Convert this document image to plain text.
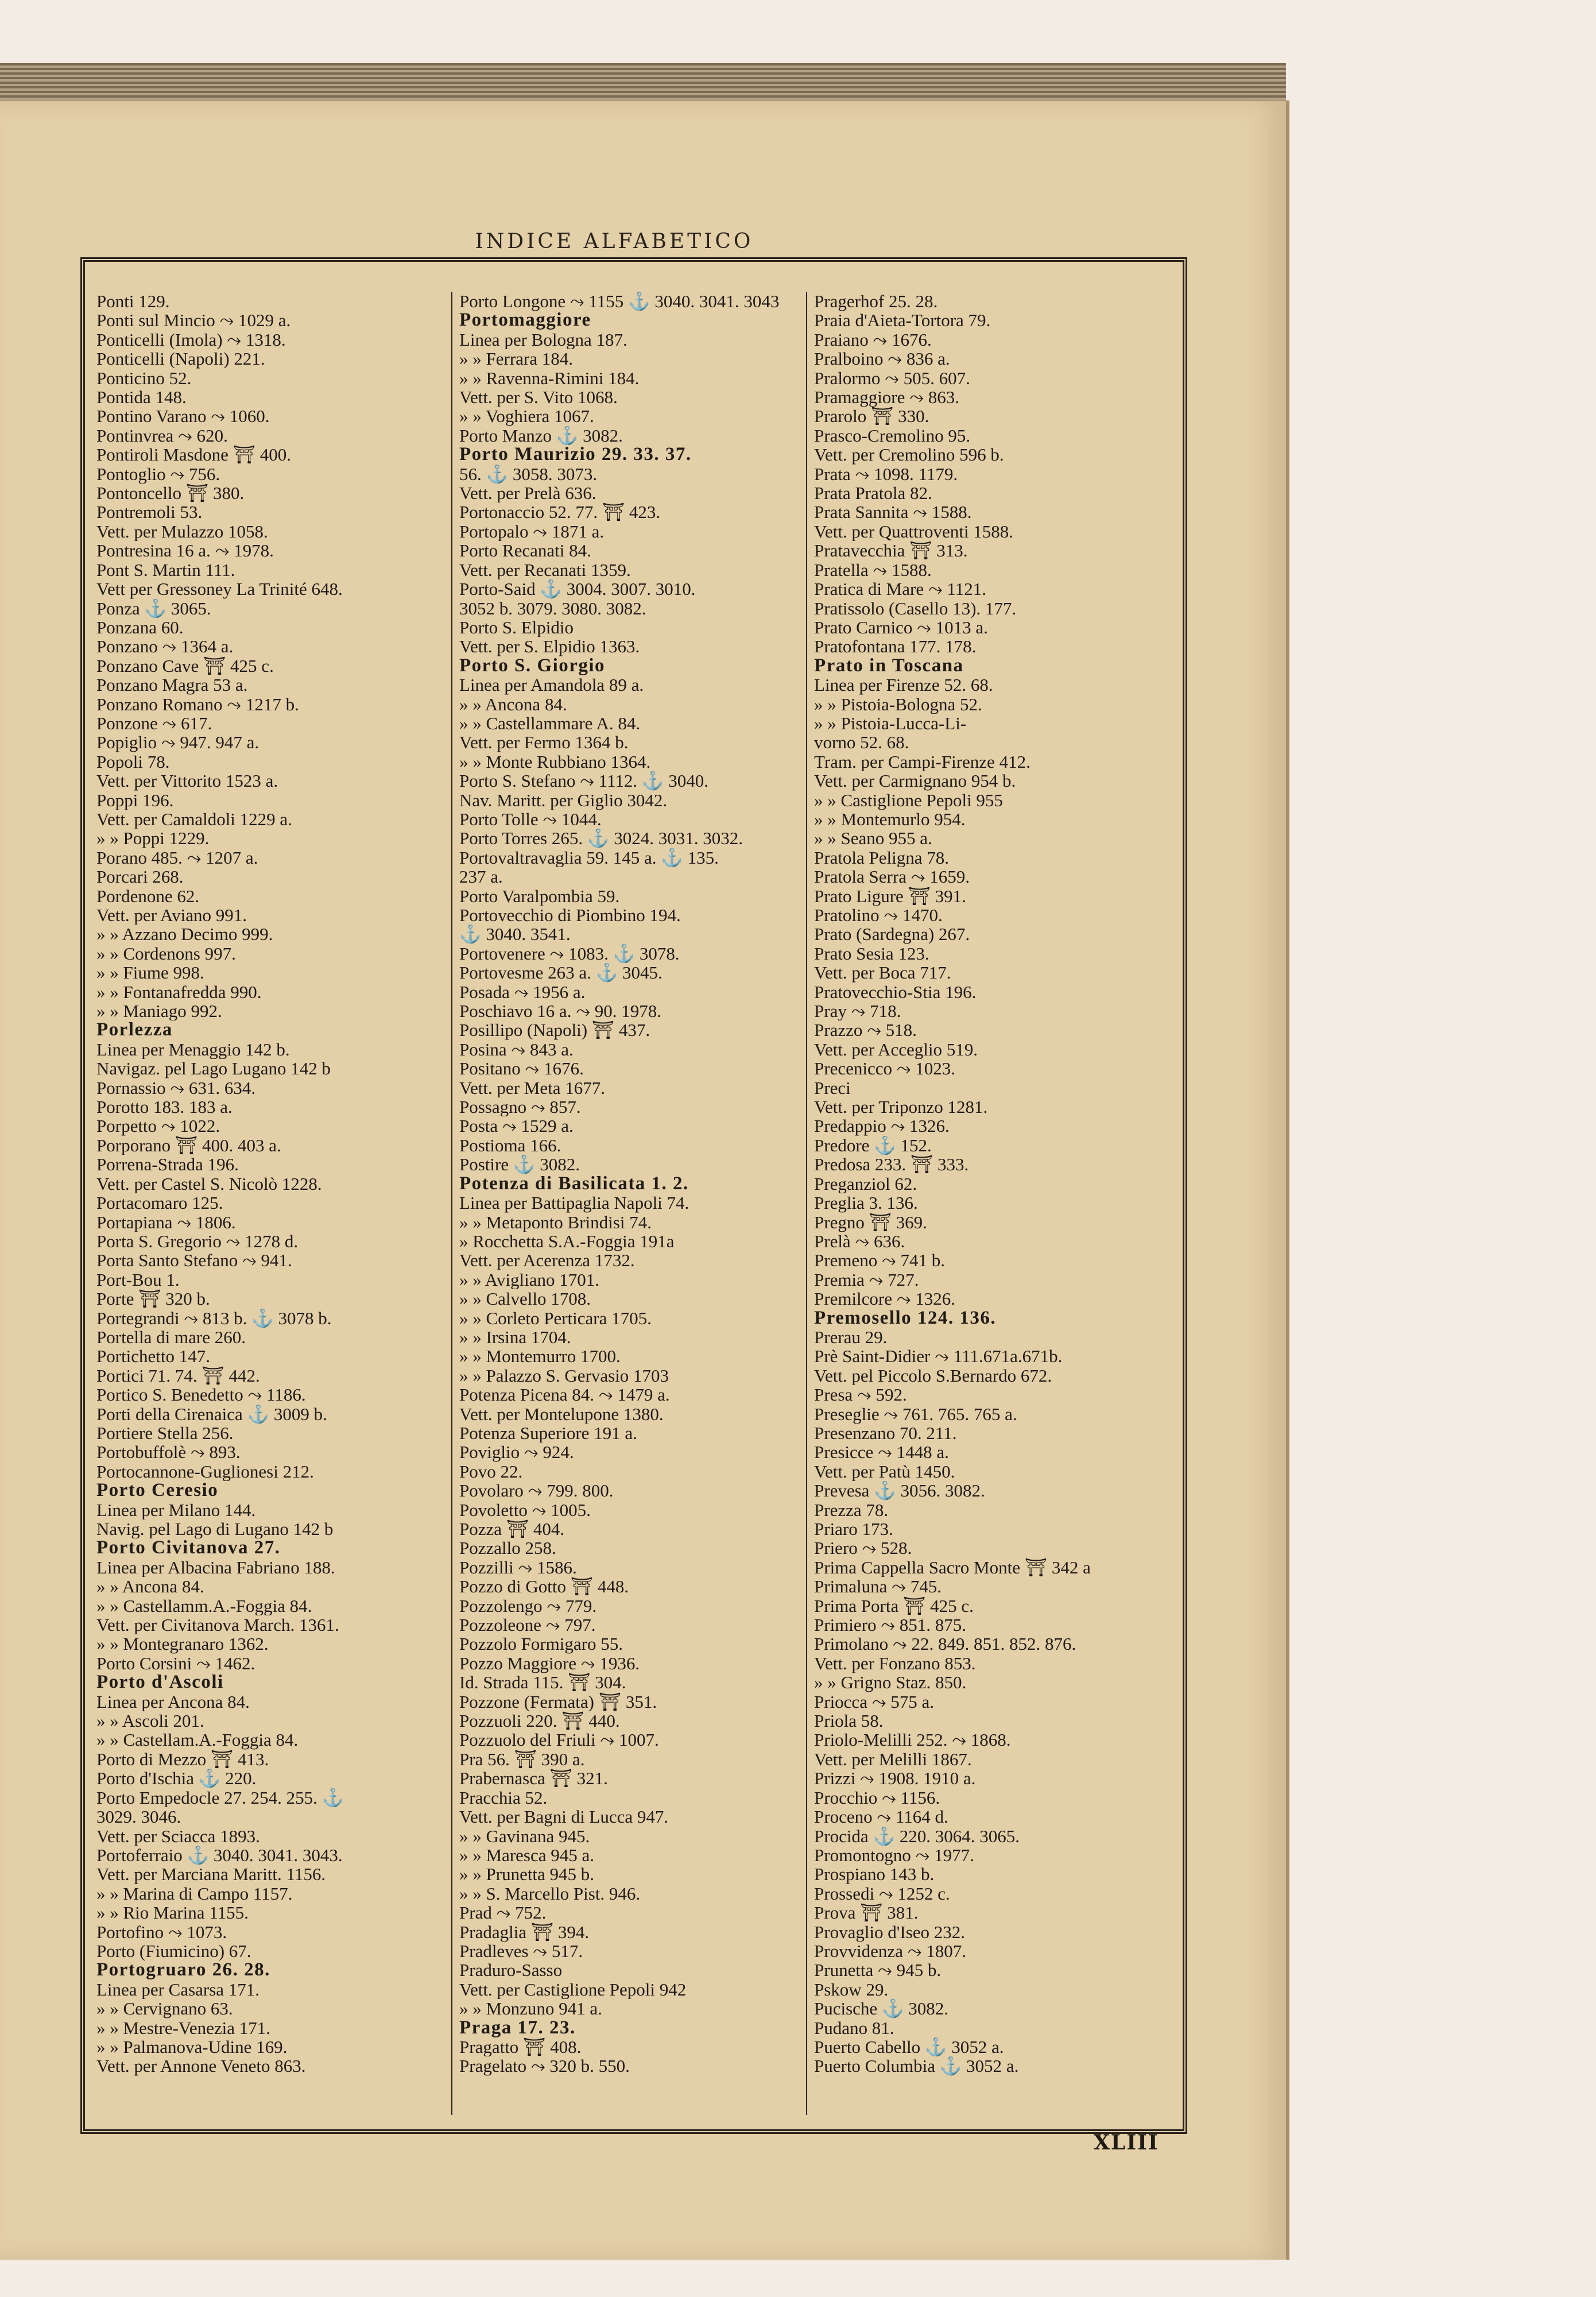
INDICE ALFABETICO
Ponti 129.
Ponti sul Mincio ⤳ 1029 a.
Ponticelli (Imola) ⤳ 1318.
Ponticelli (Napoli) 221.
Ponticino 52.
Pontida 148.
Pontino Varano ⤳ 1060.
Pontinvrea ⤳ 620.
Pontiroli Masdone ⛩ 400.
Pontoglio ⤳ 756.
Pontoncello ⛩ 380.
Pontremoli 53.
Vett. per Mulazzo 1058.
Pontresina 16 a. ⤳ 1978.
Pont S. Martin 111.
Vett per Gressoney La Trinité 648.
Ponza ⚓ 3065.
Ponzana 60.
Ponzano ⤳ 1364 a.
Ponzano Cave ⛩ 425 c.
Ponzano Magra 53 a.
Ponzano Romano ⤳ 1217 b.
Ponzone ⤳ 617.
Popiglio ⤳ 947. 947 a.
Popoli 78.
Vett. per Vittorito 1523 a.
Poppi 196.
Vett. per Camaldoli 1229 a.
» » Poppi 1229.
Porano 485. ⤳ 1207 a.
Porcari 268.
Pordenone 62.
Vett. per Aviano 991.
» » Azzano Decimo 999.
» » Cordenons 997.
» » Fiume 998.
» » Fontanafredda 990.
» » Maniago 992.
Porlezza
Linea per Menaggio 142 b.
Navigaz. pel Lago Lugano 142 b
Pornassio ⤳ 631. 634.
Porotto 183. 183 a.
Porpetto ⤳ 1022.
Porporano ⛩ 400. 403 a.
Porrena-Strada 196.
Vett. per Castel S. Nicolò 1228.
Portacomaro 125.
Portapiana ⤳ 1806.
Porta S. Gregorio ⤳ 1278 d.
Porta Santo Stefano ⤳ 941.
Port-Bou 1.
Porte ⛩ 320 b.
Portegrandi ⤳ 813 b. ⚓ 3078 b.
Portella di mare 260.
Portichetto 147.
Portici 71. 74. ⛩ 442.
Portico S. Benedetto ⤳ 1186.
Porti della Cirenaica ⚓ 3009 b.
Portiere Stella 256.
Portobuffolè ⤳ 893.
Portocannone-Guglionesi 212.
Porto Ceresio
Linea per Milano 144.
Navig. pel Lago di Lugano 142 b
Porto Civitanova 27.
Linea per Albacina Fabriano 188.
» » Ancona 84.
» » Castellamm.A.-Foggia 84.
Vett. per Civitanova March. 1361.
» » Montegranaro 1362.
Porto Corsini ⤳ 1462.
Porto d'Ascoli
Linea per Ancona 84.
» » Ascoli 201.
» » Castellam.A.-Foggia 84.
Porto di Mezzo ⛩ 413.
Porto d'Ischia ⚓ 220.
Porto Empedocle 27. 254. 255. ⚓
3029. 3046.
Vett. per Sciacca 1893.
Portoferraio ⚓ 3040. 3041. 3043.
Vett. per Marciana Maritt. 1156.
» » Marina di Campo 1157.
» » Rio Marina 1155.
Portofino ⤳ 1073.
Porto (Fiumicino) 67.
Portogruaro 26. 28.
Linea per Casarsa 171.
» » Cervignano 63.
» » Mestre-Venezia 171.
» » Palmanova-Udine 169.
Vett. per Annone Veneto 863.
Porto Longone ⤳ 1155 ⚓ 3040. 3041. 3043
Portomaggiore
Linea per Bologna 187.
» » Ferrara 184.
» » Ravenna-Rimini 184.
Vett. per S. Vito 1068.
» » Voghiera 1067.
Porto Manzo ⚓ 3082.
Porto Maurizio 29. 33. 37.
56. ⚓ 3058. 3073.
Vett. per Prelà 636.
Portonaccio 52. 77. ⛩ 423.
Portopalo ⤳ 1871 a.
Porto Recanati 84.
Vett. per Recanati 1359.
Porto-Said ⚓ 3004. 3007. 3010.
3052 b. 3079. 3080. 3082.
Porto S. Elpidio
Vett. per S. Elpidio 1363.
Porto S. Giorgio
Linea per Amandola 89 a.
» » Ancona 84.
» » Castellammare A. 84.
Vett. per Fermo 1364 b.
» » Monte Rubbiano 1364.
Porto S. Stefano ⤳ 1112. ⚓ 3040.
Nav. Maritt. per Giglio 3042.
Porto Tolle ⤳ 1044.
Porto Torres 265. ⚓ 3024. 3031. 3032.
Portovaltravaglia 59. 145 a. ⚓ 135.
237 a.
Porto Varalpombia 59.
Portovecchio di Piombino 194.
⚓ 3040. 3541.
Portovenere ⤳ 1083. ⚓ 3078.
Portovesme 263 a. ⚓ 3045.
Posada ⤳ 1956 a.
Poschiavo 16 a. ⤳ 90. 1978.
Posillipo (Napoli) ⛩ 437.
Posina ⤳ 843 a.
Positano ⤳ 1676.
Vett. per Meta 1677.
Possagno ⤳ 857.
Posta ⤳ 1529 a.
Postioma 166.
Postire ⚓ 3082.
Potenza di Basilicata 1. 2.
Linea per Battipaglia Napoli 74.
» » Metaponto Brindisi 74.
» Rocchetta S.A.-Foggia 191a
Vett. per Acerenza 1732.
» » Avigliano 1701.
» » Calvello 1708.
» » Corleto Perticara 1705.
» » Irsina 1704.
» » Montemurro 1700.
» » Palazzo S. Gervasio 1703
Potenza Picena 84. ⤳ 1479 a.
Vett. per Montelupone 1380.
Potenza Superiore 191 a.
Poviglio ⤳ 924.
Povo 22.
Povolaro ⤳ 799. 800.
Povoletto ⤳ 1005.
Pozza ⛩ 404.
Pozzallo 258.
Pozzilli ⤳ 1586.
Pozzo di Gotto ⛩ 448.
Pozzolengo ⤳ 779.
Pozzoleone ⤳ 797.
Pozzolo Formigaro 55.
Pozzo Maggiore ⤳ 1936.
Id. Strada 115. ⛩ 304.
Pozzone (Fermata) ⛩ 351.
Pozzuoli 220. ⛩ 440.
Pozzuolo del Friuli ⤳ 1007.
Pra 56. ⛩ 390 a.
Prabernasca ⛩ 321.
Pracchia 52.
Vett. per Bagni di Lucca 947.
» » Gavinana 945.
» » Maresca 945 a.
» » Prunetta 945 b.
» » S. Marcello Pist. 946.
Prad ⤳ 752.
Pradaglia ⛩ 394.
Pradleves ⤳ 517.
Praduro-Sasso
Vett. per Castiglione Pepoli 942
» » Monzuno 941 a.
Praga 17. 23.
Pragatto ⛩ 408.
Pragelato ⤳ 320 b. 550.
Pragerhof 25. 28.
Praia d'Aieta-Tortora 79.
Praiano ⤳ 1676.
Pralboino ⤳ 836 a.
Pralormo ⤳ 505. 607.
Pramaggiore ⤳ 863.
Prarolo ⛩ 330.
Prasco-Cremolino 95.
Vett. per Cremolino 596 b.
Prata ⤳ 1098. 1179.
Prata Pratola 82.
Prata Sannita ⤳ 1588.
Vett. per Quattroventi 1588.
Pratavecchia ⛩ 313.
Pratella ⤳ 1588.
Pratica di Mare ⤳ 1121.
Pratissolo (Casello 13). 177.
Prato Carnico ⤳ 1013 a.
Pratofontana 177. 178.
Prato in Toscana
Linea per Firenze 52. 68.
» » Pistoia-Bologna 52.
» » Pistoia-Lucca-Li-
vorno 52. 68.
Tram. per Campi-Firenze 412.
Vett. per Carmignano 954 b.
» » Castiglione Pepoli 955
» » Montemurlo 954.
» » Seano 955 a.
Pratola Peligna 78.
Pratola Serra ⤳ 1659.
Prato Ligure ⛩ 391.
Pratolino ⤳ 1470.
Prato (Sardegna) 267.
Prato Sesia 123.
Vett. per Boca 717.
Pratovecchio-Stia 196.
Pray ⤳ 718.
Prazzo ⤳ 518.
Vett. per Acceglio 519.
Precenicco ⤳ 1023.
Preci
Vett. per Triponzo 1281.
Predappio ⤳ 1326.
Predore ⚓ 152.
Predosa 233. ⛩ 333.
Preganziol 62.
Preglia 3. 136.
Pregno ⛩ 369.
Prelà ⤳ 636.
Premeno ⤳ 741 b.
Premia ⤳ 727.
Premilcore ⤳ 1326.
Premosello 124. 136.
Prerau 29.
Prè Saint-Didier ⤳ 111.671a.671b.
Vett. pel Piccolo S.Bernardo 672.
Presa ⤳ 592.
Preseglie ⤳ 761. 765. 765 a.
Presenzano 70. 211.
Presicce ⤳ 1448 a.
Vett. per Patù 1450.
Prevesa ⚓ 3056. 3082.
Prezza 78.
Priaro 173.
Priero ⤳ 528.
Prima Cappella Sacro Monte ⛩ 342 a
Primaluna ⤳ 745.
Prima Porta ⛩ 425 c.
Primiero ⤳ 851. 875.
Primolano ⤳ 22. 849. 851. 852. 876.
Vett. per Fonzano 853.
» » Grigno Staz. 850.
Priocca ⤳ 575 a.
Priola 58.
Priolo-Melilli 252. ⤳ 1868.
Vett. per Melilli 1867.
Prizzi ⤳ 1908. 1910 a.
Procchio ⤳ 1156.
Proceno ⤳ 1164 d.
Procida ⚓ 220. 3064. 3065.
Promontogno ⤳ 1977.
Prospiano 143 b.
Prossedi ⤳ 1252 c.
Prova ⛩ 381.
Provaglio d'Iseo 232.
Provvidenza ⤳ 1807.
Prunetta ⤳ 945 b.
Pskow 29.
Pucische ⚓ 3082.
Pudano 81.
Puerto Cabello ⚓ 3052 a.
Puerto Columbia ⚓ 3052 a.
XLIII
